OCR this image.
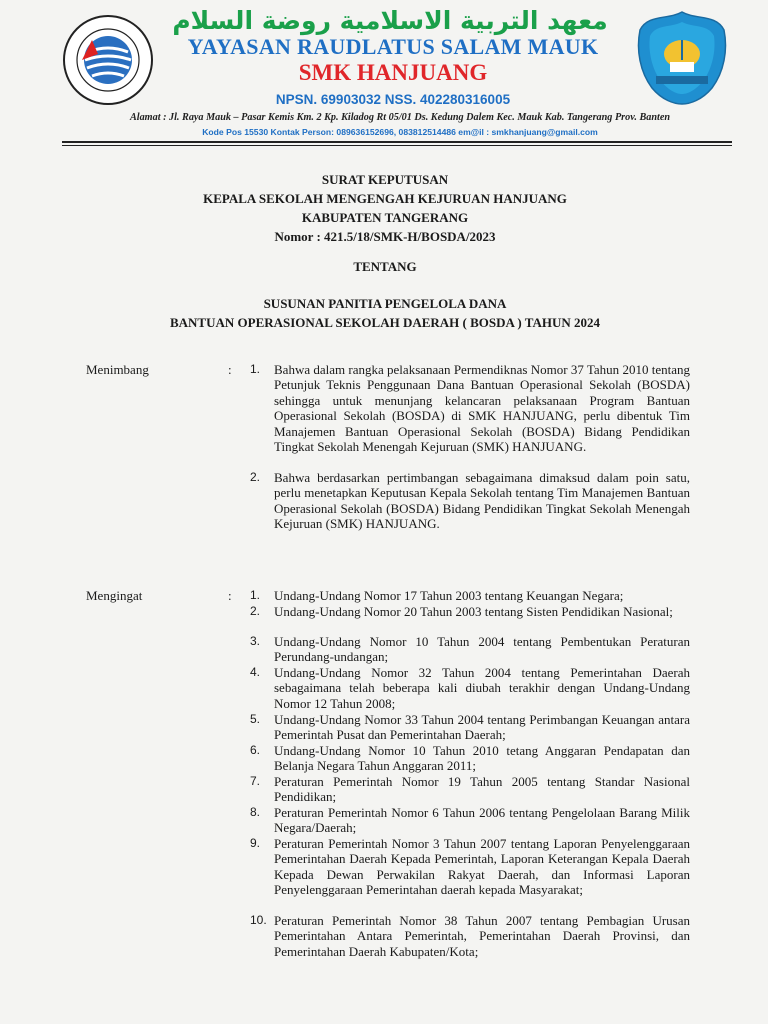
معهد التربية الاسلامية روضة السلام
YAYASAN RAUDLATUS SALAM MAUK
SMK HANJUANG
NPSN. 69903032 NSS. 402280316005
Alamat : Jl. Raya Mauk – Pasar Kemis Km. 2 Kp. Kiladog Rt 05/01 Ds. Kedung Dalem Kec. Mauk Kab. Tangerang Prov. Banten
Kode Pos 15530 Kontak Person: 089636152696, 083812514486 em@il : smkhanjuang@gmail.com
SURAT KEPUTUSAN
KEPALA SEKOLAH MENGENGAH KEJURUAN HANJUANG
KABUPATEN TANGERANG
Nomor : 421.5/18/SMK-H/BOSDA/2023
TENTANG
SUSUNAN PANITIA PENGELOLA DANA
BANTUAN OPERASIONAL SEKOLAH DAERAH ( BOSDA ) TAHUN 2024
Menimbang	: 1.	Bahwa dalam rangka pelaksanaan Permendiknas Nomor 37 Tahun 2010 tentang Petunjuk Teknis Penggunaan Dana Bantuan Operasional Sekolah (BOSDA) sehingga untuk menunjang kelancaran pelaksanaan Program Bantuan Operasional Sekolah (BOSDA) di SMK HANJUANG, perlu dibentuk Tim Manajemen Bantuan Operasional Sekolah (BOSDA) Bidang Pendidikan Tingkat Sekolah Menengah Kejuruan (SMK) HANJUANG.
2.	Bahwa berdasarkan pertimbangan sebagaimana dimaksud dalam poin satu, perlu menetapkan Keputusan Kepala Sekolah tentang Tim Manajemen Bantuan Operasional Sekolah (BOSDA) Bidang Pendidikan Tingkat Sekolah Menengah Kejuruan (SMK) HANJUANG.
Mengingat	: 1.	Undang-Undang Nomor 17 Tahun 2003 tentang Keuangan Negara;
2.	Undang-Undang Nomor 20 Tahun 2003 tentang Sisten Pendidikan Nasional;
3.	Undang-Undang Nomor 10 Tahun 2004 tentang Pembentukan Peraturan Perundang-undangan;
4.	Undang-Undang Nomor 32 Tahun 2004 tentang Pemerintahan Daerah sebagaimana telah beberapa kali diubah terakhir dengan Undang-Undang Nomor 12 Tahun 2008;
5.	Undang-Undang Nomor 33 Tahun 2004 tentang Perimbangan Keuangan antara Pemerintah Pusat dan Pemerintahan Daerah;
6.	Undang-Undang Nomor 10 Tahun 2010 tetang Anggaran Pendapatan dan Belanja Negara Tahun Anggaran 2011;
7.	Peraturan Pemerintah Nomor 19 Tahun 2005 tentang Standar Nasional Pendidikan;
8.	Peraturan Pemerintah Nomor 6 Tahun 2006 tentang Pengelolaan Barang Milik Negara/Daerah;
9.	Peraturan Pemerintah Nomor 3 Tahun 2007 tentang Laporan Penyelenggaraan Pemerintahan Daerah Kepada Pemerintah, Laporan Keterangan Kepala Daerah Kepada Dewan Perwakilan Rakyat Daerah, dan Informasi Laporan Penyelenggaraan Pemerintahan daerah kepada Masyarakat;
10. Peraturan Pemerintah Nomor 38 Tahun 2007 tentang Pembagian Urusan Pemerintahan Antara Pemerintah, Pemerintahan Daerah Provinsi, dan Pemerintahan Daerah Kabupaten/Kota;
